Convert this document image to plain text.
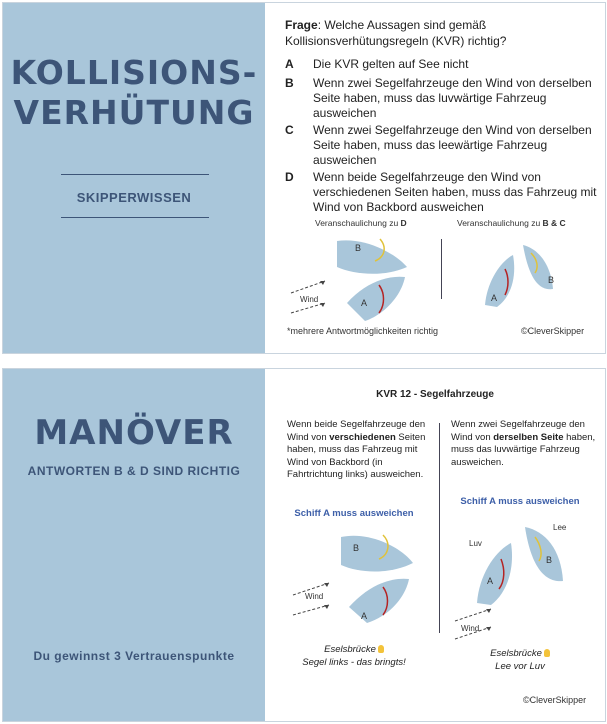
KOLLISIONS-
VERHÜTUNG
SKIPPERWISSEN
Frage: Welche Aussagen sind gemäß Kollisionsverhütungsregeln (KVR) richtig?
A Die KVR gelten auf See nicht
B Wenn zwei Segelfahrzeuge den Wind von derselben Seite haben, muss das luvwärtige Fahrzeug ausweichen
C Wenn zwei Segelfahrzeuge den Wind von derselben Seite haben, muss das leewärtige Fahrzeug ausweichen
D Wenn beide Segelfahrzeuge den Wind von verschiedenen Seiten haben, muss das Fahrzeug mit Wind von Backbord ausweichen
Veranschaulichung zu D	Veranschaulichung zu B & C
Wind
B
A
B
A
*mehrere Antwortmöglichkeiten richtig	©CleverSkipper
MANÖVER
ANTWORTEN B & D SIND RICHTIG
Du gewinnst 3 Vertrauenspunkte
KVR 12 - Segelfahrzeuge
Wenn beide Segelfahrzeuge den Wind von verschiedenen Seiten haben, muss das Fahrzeug mit Wind von Backbord (in Fahrtrichtung links) ausweichen.
Wenn zwei Segelfahrzeuge den Wind von derselben Seite haben, muss das luvwärtige Fahrzeug ausweichen.
Schiff A muss ausweichen
Schiff A muss ausweichen
Wind
B
A
Luv
Lee
B
A
Wind
Eselsbrücke
Segel links - das bringts!
Eselsbrücke
Lee vor Luv
©CleverSkipper
